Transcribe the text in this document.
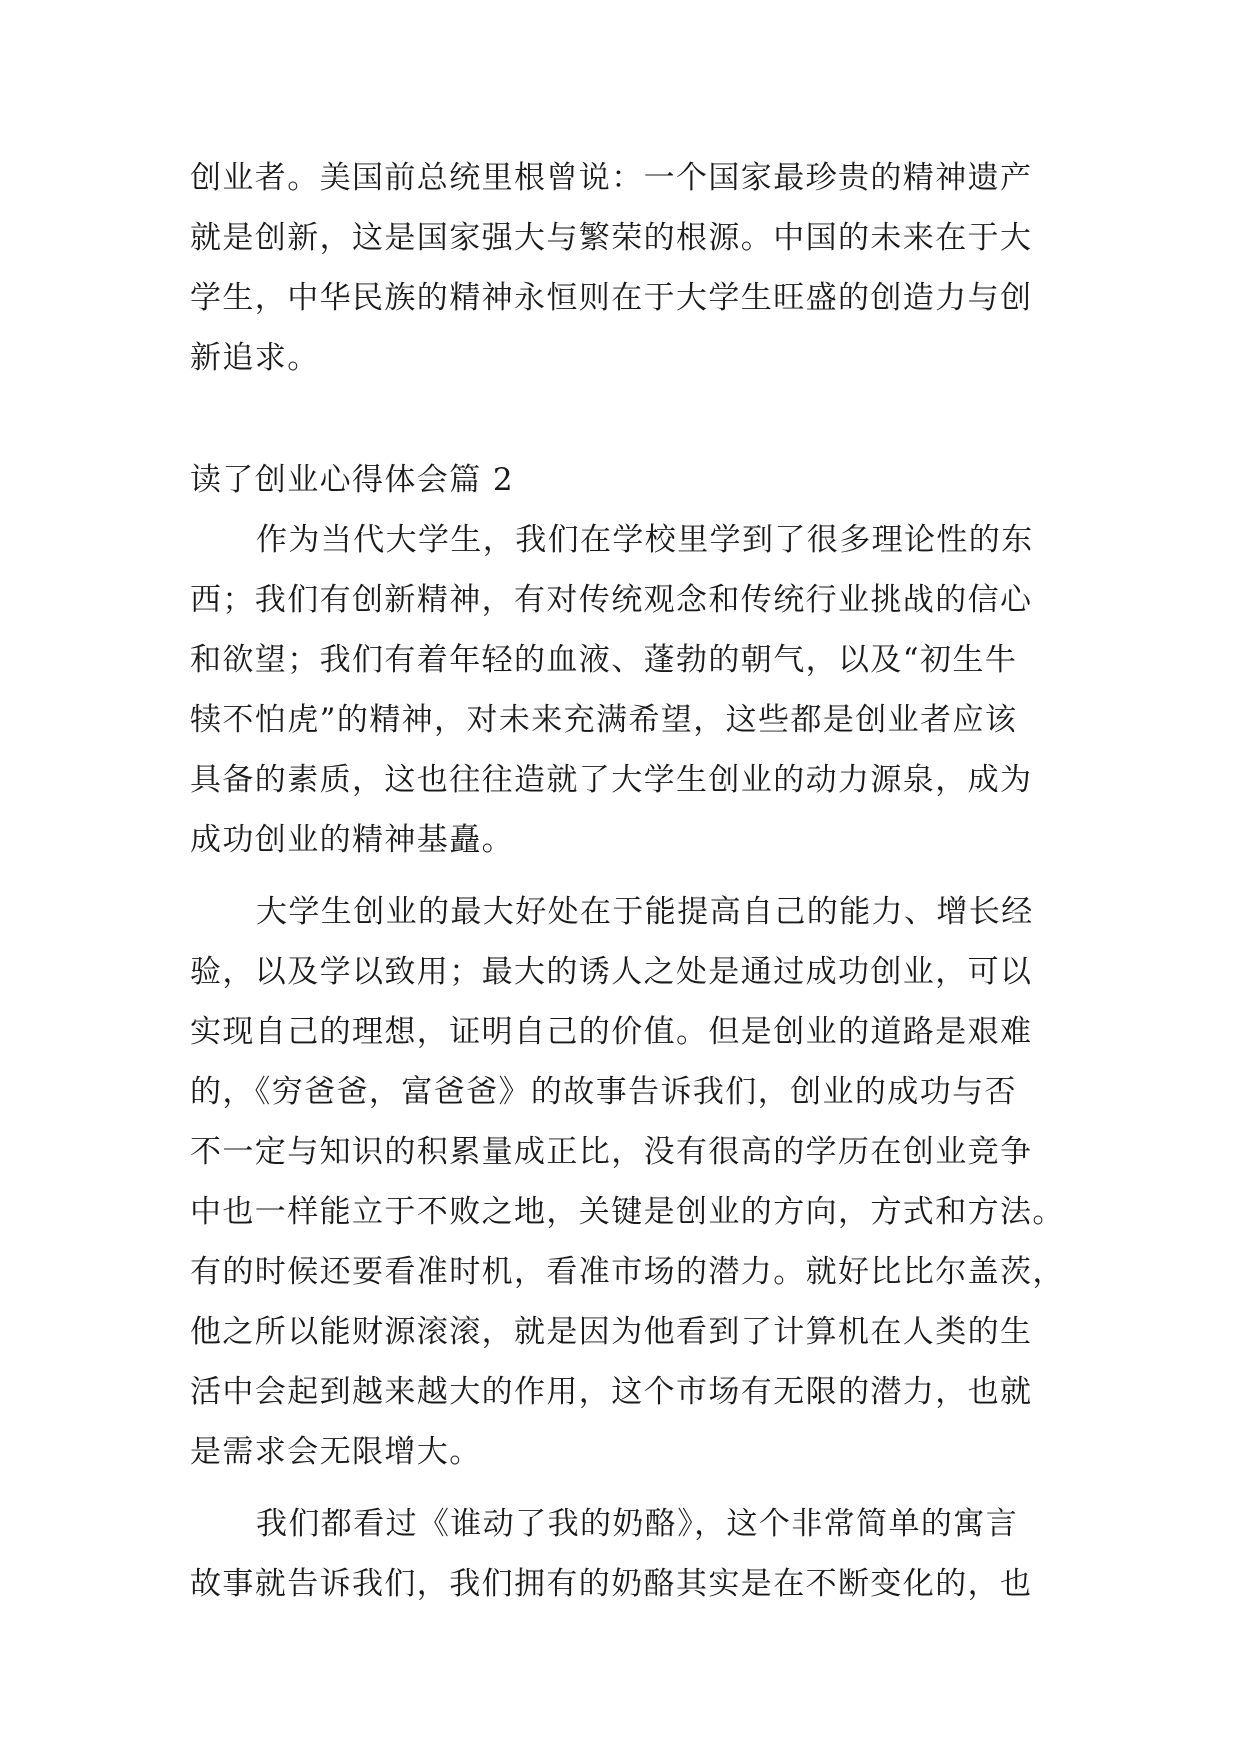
创业者。美国前总统里根曾说：一个国家最珍贵的精神遗产
就是创新，这是国家强大与繁荣的根源。中国的未来在于大
学生，中华民族的精神永恒则在于大学生旺盛的创造力与创
新追求。
读了创业心得体会篇 2
作为当代大学生，我们在学校里学到了很多理论性的东
西；我们有创新精神，有对传统观念和传统行业挑战的信心
和欲望；我们有着年轻的血液、蓬勃的朝气，以及“初生牛
犊不怕虎”的精神，对未来充满希望，这些都是创业者应该
具备的素质，这也往往造就了大学生创业的动力源泉，成为
成功创业的精神基矗。
大学生创业的最大好处在于能提高自己的能力、增长经
验，以及学以致用；最大的诱人之处是通过成功创业，可以
实现自己的理想，证明自己的价值。但是创业的道路是艰难
的，《穷爸爸，富爸爸》的故事告诉我们，创业的成功与否
不一定与知识的积累量成正比，没有很高的学历在创业竞争
中也一样能立于不败之地，关键是创业的方向，方式和方法。
有的时候还要看准时机，看准市场的潜力。就好比比尔盖茨，
他之所以能财源滚滚，就是因为他看到了计算机在人类的生
活中会起到越来越大的作用，这个市场有无限的潜力，也就
是需求会无限增大。
我们都看过《谁动了我的奶酪》，这个非常简单的寓言
故事就告诉我们，我们拥有的奶酪其实是在不断变化的，也
